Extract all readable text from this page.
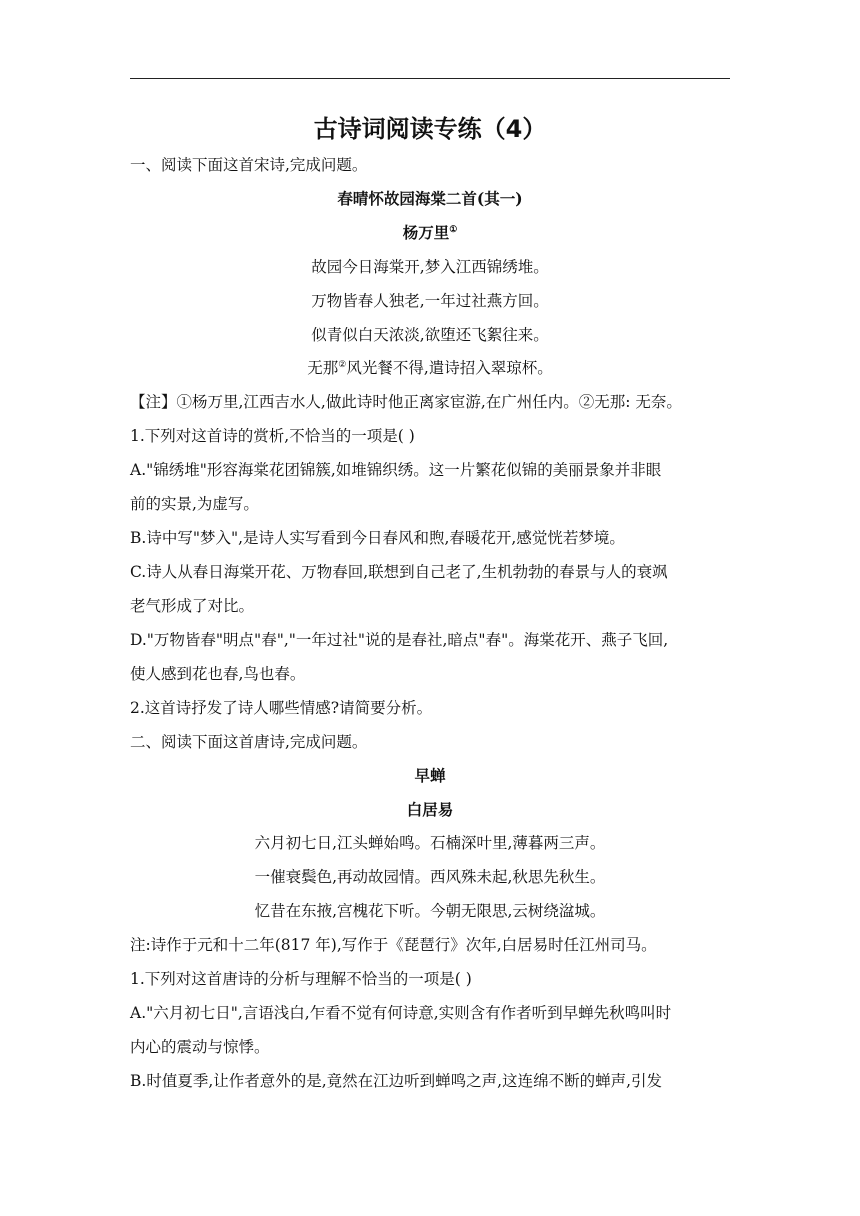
古诗词阅读专练（4）
一、阅读下面这首宋诗,完成问题。
春晴怀故园海棠二首(其一)
杨万里①
故园今日海棠开,梦入江西锦绣堆。
万物皆春人独老,一年过社燕方回。
似青似白天浓淡,欲堕还飞絮往来。
无那②风光餐不得,遣诗招入翠琼杯。
【注】①杨万里,江西吉水人,做此诗时他正离家宦游,在广州任内。②无那: 无奈。
1.下列对这首诗的赏析,不恰当的一项是( )
A."锦绣堆"形容海棠花团锦簇,如堆锦织绣。这一片繁花似锦的美丽景象并非眼
前的实景,为虚写。
B.诗中写"梦入",是诗人实写看到今日春风和煦,春暖花开,感觉恍若梦境。
C.诗人从春日海棠开花、万物春回,联想到自己老了,生机勃勃的春景与人的衰飒
老气形成了对比。
D."万物皆春"明点"春","一年过社"说的是春社,暗点"春"。海棠花开、燕子飞回,
使人感到花也春,鸟也春。
2.这首诗抒发了诗人哪些情感?请简要分析。
二、阅读下面这首唐诗,完成问题。
早蝉
白居易
六月初七日,江头蝉始鸣。石楠深叶里,薄暮两三声。
一催衰鬓色,再动故园情。西风殊未起,秋思先秋生。
忆昔在东掖,宫槐花下听。今朝无限思,云树绕湓城。
注:诗作于元和十二年(817 年),写作于《琵琶行》次年,白居易时任江州司马。
1.下列对这首唐诗的分析与理解不恰当的一项是( )
A."六月初七日",言语浅白,乍看不觉有何诗意,实则含有作者听到早蝉先秋鸣叫时
内心的震动与惊悸。
B.时值夏季,让作者意外的是,竟然在江边听到蝉鸣之声,这连绵不断的蝉声,引发
